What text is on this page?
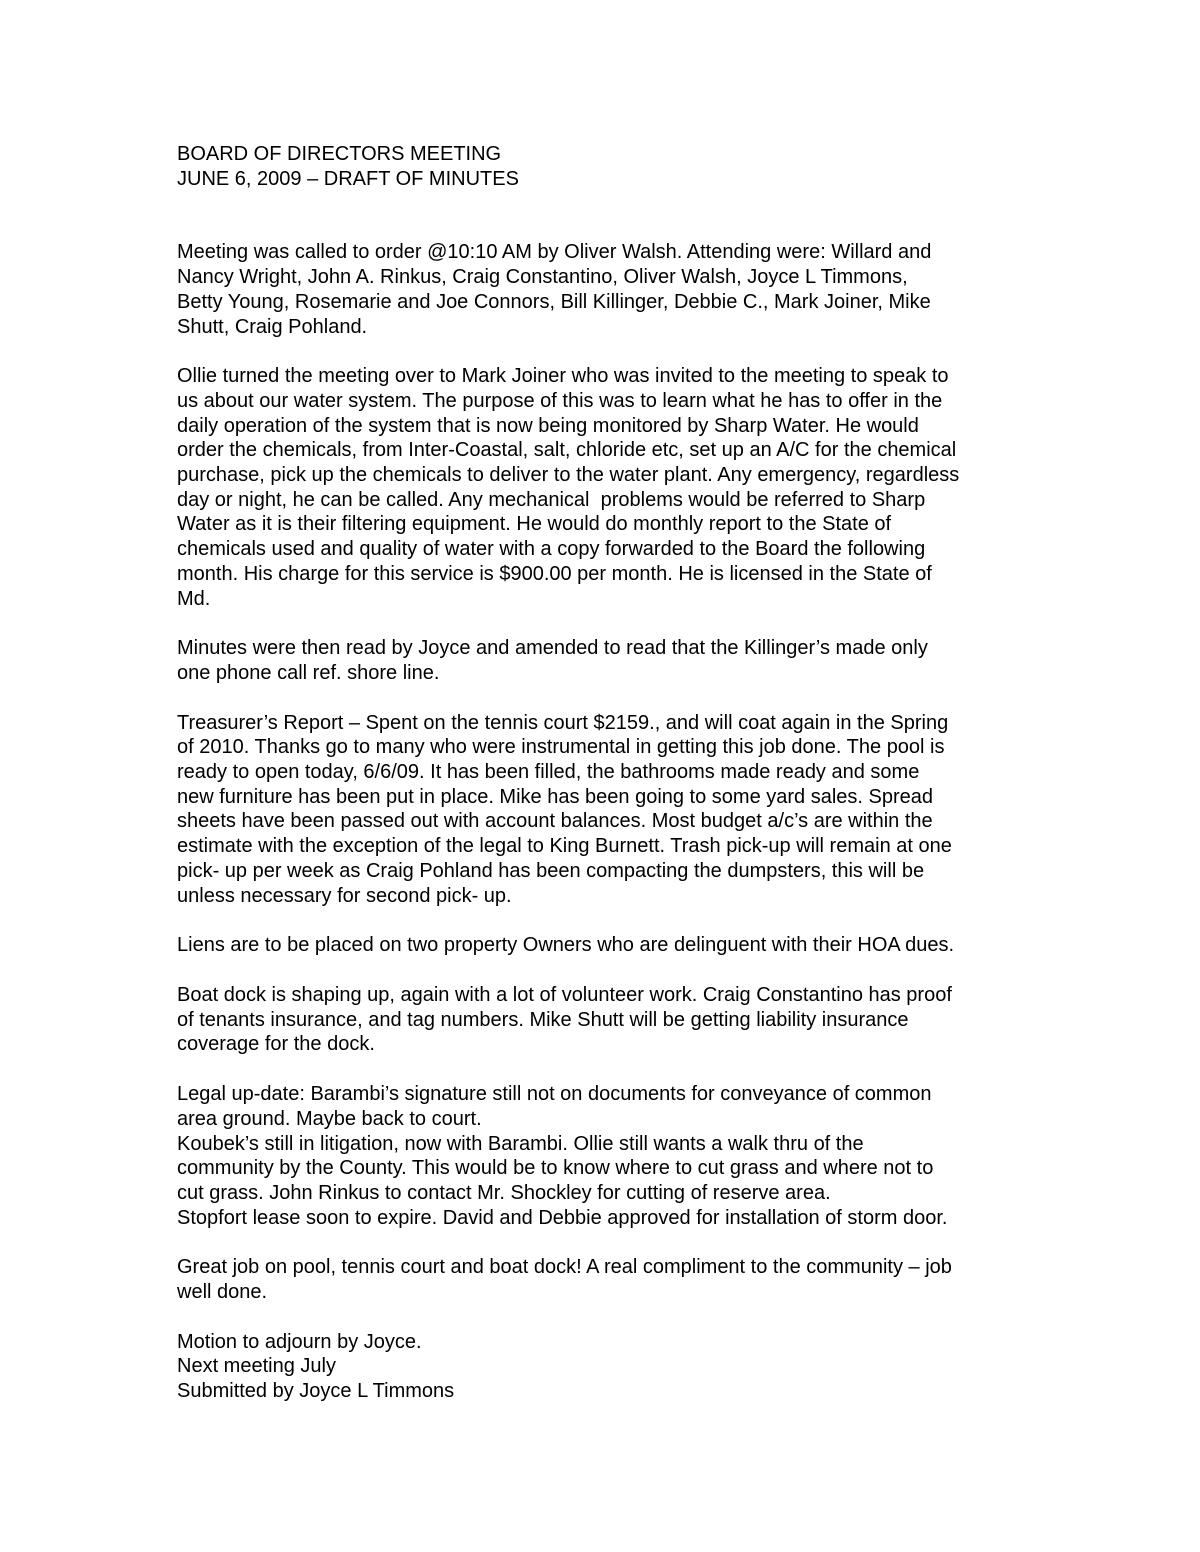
BOARD OF DIRECTORS MEETING

JUNE 6, 2009 – DRAFT OF MINUTES

Meeting was called to order @10:10 AM by Oliver Walsh. Attending were: Willard and
Nancy Wright, John A. Rinkus, Craig Constantino, Oliver Walsh, Joyce L Timmons,
Betty Young, Rosemarie and Joe Connors, Bill Killinger, Debbie C., Mark Joiner, Mike
Shutt, Craig Pohland.
Ollie turned the meeting over to Mark Joiner who was invited to the meeting to speak to
us about our water system. The purpose of this was to learn what he has to offer in the
daily operation of the system that is now being monitored by Sharp Water. He would
order the chemicals, from Inter-Coastal, salt, chloride etc, set up an A/C for the chemical
purchase, pick up the chemicals to deliver to the water plant. Any emergency, regardless
day or night, he can be called. Any mechanical  problems would be referred to Sharp
Water as it is their filtering equipment. He would do monthly report to the State of
chemicals used and quality of water with a copy forwarded to the Board the following
month. His charge for this service is $900.00 per month. He is licensed in the State of
Md.
Minutes were then read by Joyce and amended to read that the Killinger’s made only
one phone call ref. shore line.
Treasurer’s Report – Spent on the tennis court $2159., and will coat again in the Spring
of 2010. Thanks go to many who were instrumental in getting this job done. The pool is
ready to open today, 6/6/09. It has been filled, the bathrooms made ready and some
new furniture has been put in place. Mike has been going to some yard sales. Spread
sheets have been passed out with account balances. Most budget a/c’s are within the
estimate with the exception of the legal to King Burnett. Trash pick-up will remain at one
pick- up per week as Craig Pohland has been compacting the dumpsters, this will be
unless necessary for second pick- up.
Liens are to be placed on two property Owners who are delinguent with their HOA dues.
Boat dock is shaping up, again with a lot of volunteer work. Craig Constantino has proof
of tenants insurance, and tag numbers. Mike Shutt will be getting liability insurance
coverage for the dock.
Legal up-date: Barambi’s signature still not on documents for conveyance of common
area ground. Maybe back to court.
Koubek’s still in litigation, now with Barambi. Ollie still wants a walk thru of the
community by the County. This would be to know where to cut grass and where not to
cut grass. John Rinkus to contact Mr. Shockley for cutting of reserve area.
Stopfort lease soon to expire. David and Debbie approved for installation of storm door.
Great job on pool, tennis court and boat dock! A real compliment to the community – job
well done.
Motion to adjourn by Joyce.
Next meeting July
Submitted by Joyce L Timmons
